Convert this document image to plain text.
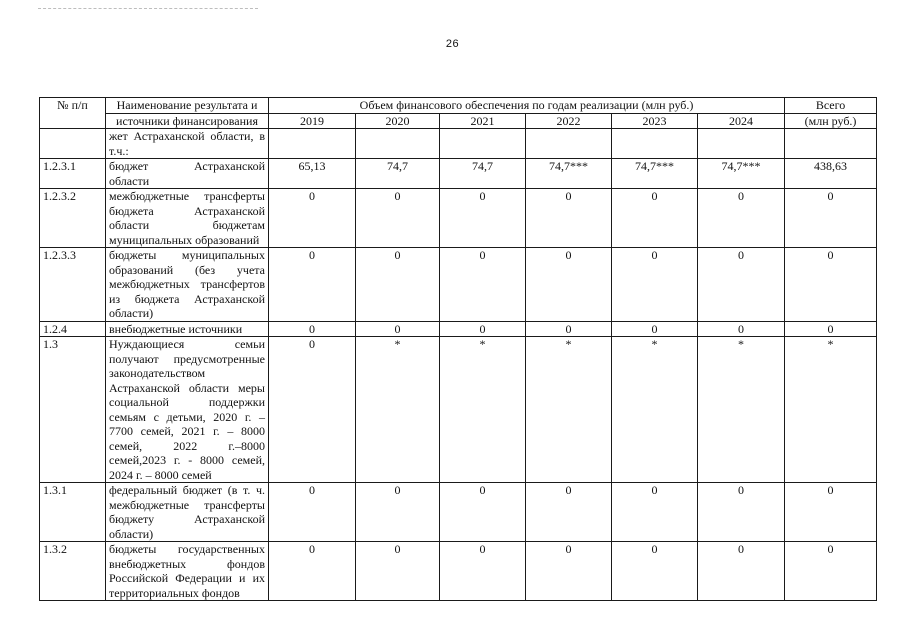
26
№ п/п	Наименование результата и	Объем финансового обеспечения по годам реализации (млн руб.)						Всего
	источники финансирования	2019	2020	2021	2022	2023	2024	(млн руб.)
	жет Астраханской области, в т.ч.:							
1.2.3.1	бюджет Астраханской области	65,13	74,7	74,7	74,7***	74,7***	74,7***	438,63
1.2.3.2	межбюджетные трансферты бюджета Астраханской области бюджетам муниципальных образований	0	0	0	0	0	0	0
1.2.3.3	бюджеты муниципальных образований (без учета межбюджетных трансфертов из бюджета Астраханской области)	0	0	0	0	0	0	0
1.2.4	внебюджетные источники	0	0	0	0	0	0	0
1.3	Нуждающиеся семьи получают предусмотренные законодательством Астраханской области меры социальной поддержки семьям с детьми, 2020 г. – 7700 семей, 2021 г. – 8000 семей, 2022 г.–8000 семей,2023 г. - 8000 семей, 2024 г. – 8000 семей	0	*	*	*	*	*	*
1.3.1	федеральный бюджет (в т. ч. межбюджетные трансферты бюджету Астраханской области)	0	0	0	0	0	0	0
1.3.2	бюджеты государственных внебюджетных фондов Российской Федерации и их территориальных фондов	0	0	0	0	0	0	0
